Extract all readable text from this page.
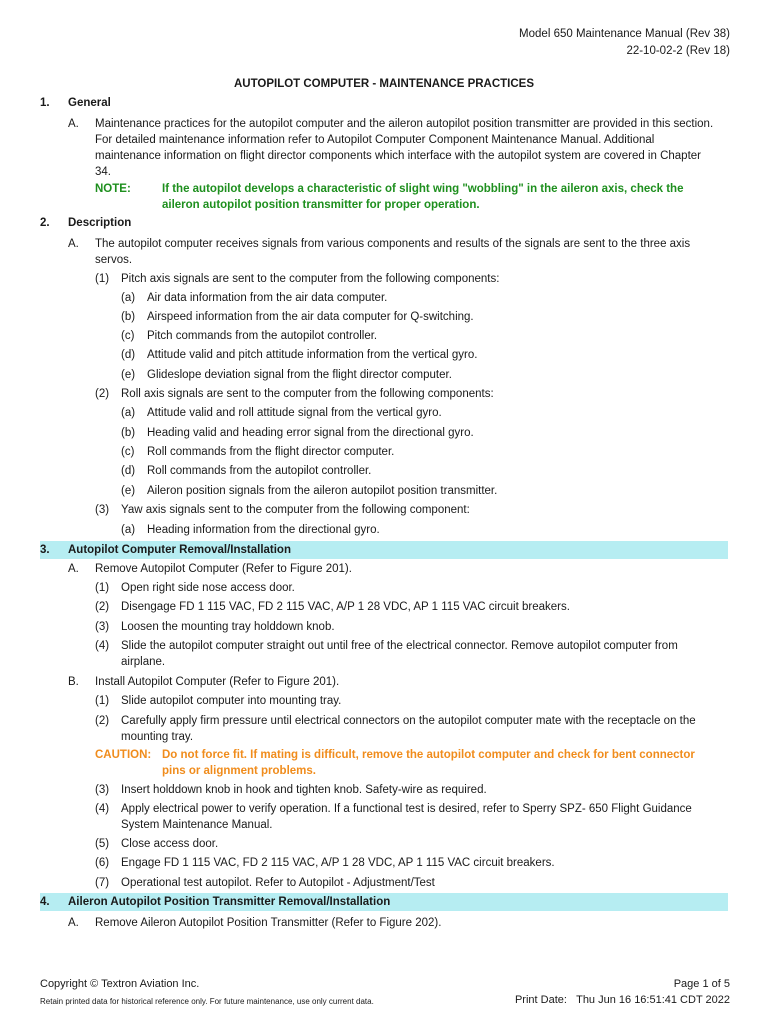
Model 650 Maintenance Manual (Rev 38)
22-10-02-2 (Rev 18)
AUTOPILOT COMPUTER - MAINTENANCE PRACTICES
1. General
A. Maintenance practices for the autopilot computer and the aileron autopilot position transmitter are provided in this section.
For detailed maintenance information refer to Autopilot Computer Component Maintenance Manual. Additional
maintenance information on flight director components which interface with the autopilot system are covered in Chapter
34.
NOTE:	If the autopilot develops a characteristic of slight wing "wobbling" in the aileron axis, check the
aileron autopilot position transmitter for proper operation.
2. Description
A. The autopilot computer receives signals from various components and results of the signals are sent to the three axis
servos.
(1) Pitch axis signals are sent to the computer from the following components:
(a) Air data information from the air data computer.
(b) Airspeed information from the air data computer for Q-switching.
(c) Pitch commands from the autopilot controller.
(d) Attitude valid and pitch attitude information from the vertical gyro.
(e) Glideslope deviation signal from the flight director computer.
(2) Roll axis signals are sent to the computer from the following components:
(a) Attitude valid and roll attitude signal from the vertical gyro.
(b) Heading valid and heading error signal from the directional gyro.
(c) Roll commands from the flight director computer.
(d) Roll commands from the autopilot controller.
(e) Aileron position signals from the aileron autopilot position transmitter.
(3) Yaw axis signals sent to the computer from the following component:
(a) Heading information from the directional gyro.
3. Autopilot Computer Removal/Installation
A. Remove Autopilot Computer (Refer to Figure 201).
(1) Open right side nose access door.
(2) Disengage FD 1 115 VAC, FD 2 115 VAC, A/P 1 28 VDC, AP 1 115 VAC circuit breakers.
(3) Loosen the mounting tray holddown knob.
(4) Slide the autopilot computer straight out until free of the electrical connector. Remove autopilot computer from
airplane.
B. Install Autopilot Computer (Refer to Figure 201).
(1) Slide autopilot computer into mounting tray.
(2) Carefully apply firm pressure until electrical connectors on the autopilot computer mate with the receptacle on the
mounting tray.
CAUTION: Do not force fit. If mating is difficult, remove the autopilot computer and check for bent connector
pins or alignment problems.
(3) Insert holddown knob in hook and tighten knob. Safety-wire as required.
(4) Apply electrical power to verify operation. If a functional test is desired, refer to Sperry SPZ- 650 Flight Guidance
System Maintenance Manual.
(5) Close access door.
(6) Engage FD 1 115 VAC, FD 2 115 VAC, A/P 1 28 VDC, AP 1 115 VAC circuit breakers.
(7) Operational test autopilot. Refer to Autopilot - Adjustment/Test
4. Aileron Autopilot Position Transmitter Removal/Installation
A. Remove Aileron Autopilot Position Transmitter (Refer to Figure 202).
Copyright © Textron Aviation Inc.
Retain printed data for historical reference only. For future maintenance, use only current data.
Page 1 of 5
Print Date: Thu Jun 16 16:51:41 CDT 2022
